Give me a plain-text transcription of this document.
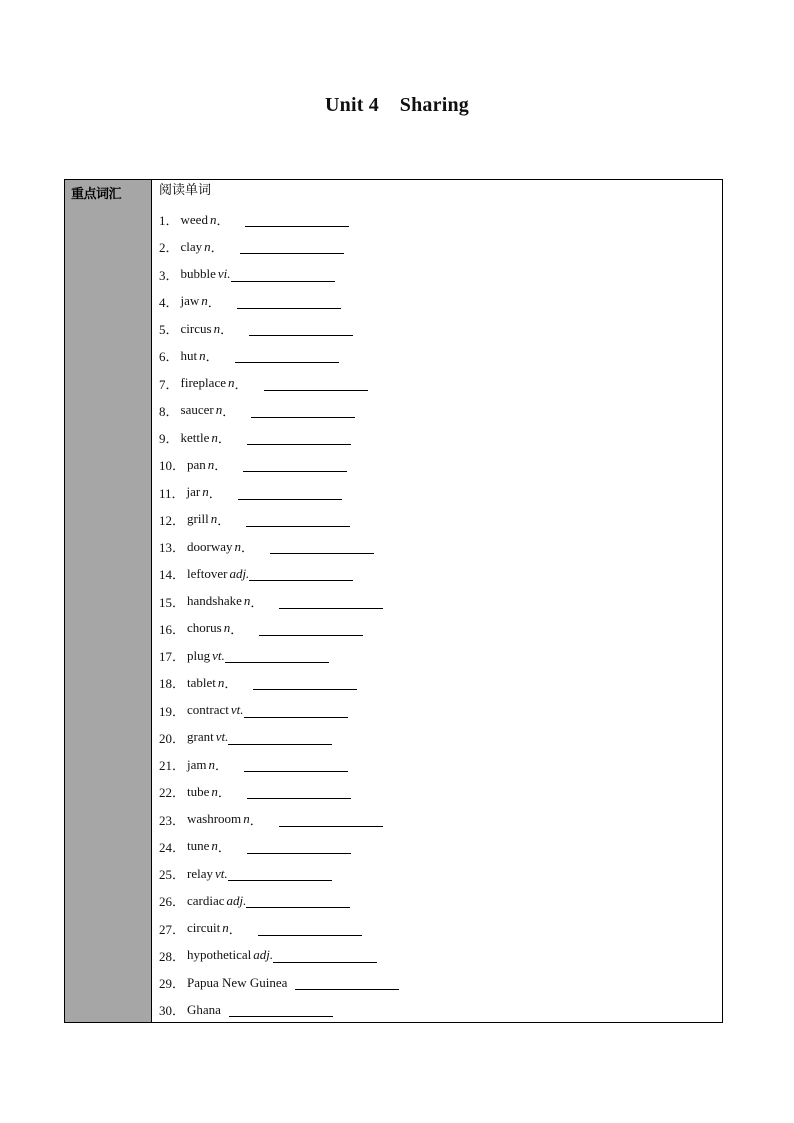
Unit 4    Sharing
重点词汇	阅读单词
1． weed n ．
2． clay n ．
3． bubble vi.
4． jaw n ．
5． circus n ．
6． hut n ．
7． fireplace n ．
8． saucer n ．
9． kettle n ．
10． pan n ．
11． jar n ．
12． grill n ．
13． doorway n ．
14． leftover adj.
15． handshake n ．
16． chorus n ．
17． plug vt.
18． tablet n ．
19． contract vt.
20． grant vt.
21． jam n ．
22． tube n ．
23． washroom n ．
24． tune n ．
25． relay vt.
26． cardiac adj.
27． circuit n ．
28． hypothetical adj.
29． Papua New Guinea
30． Ghana
